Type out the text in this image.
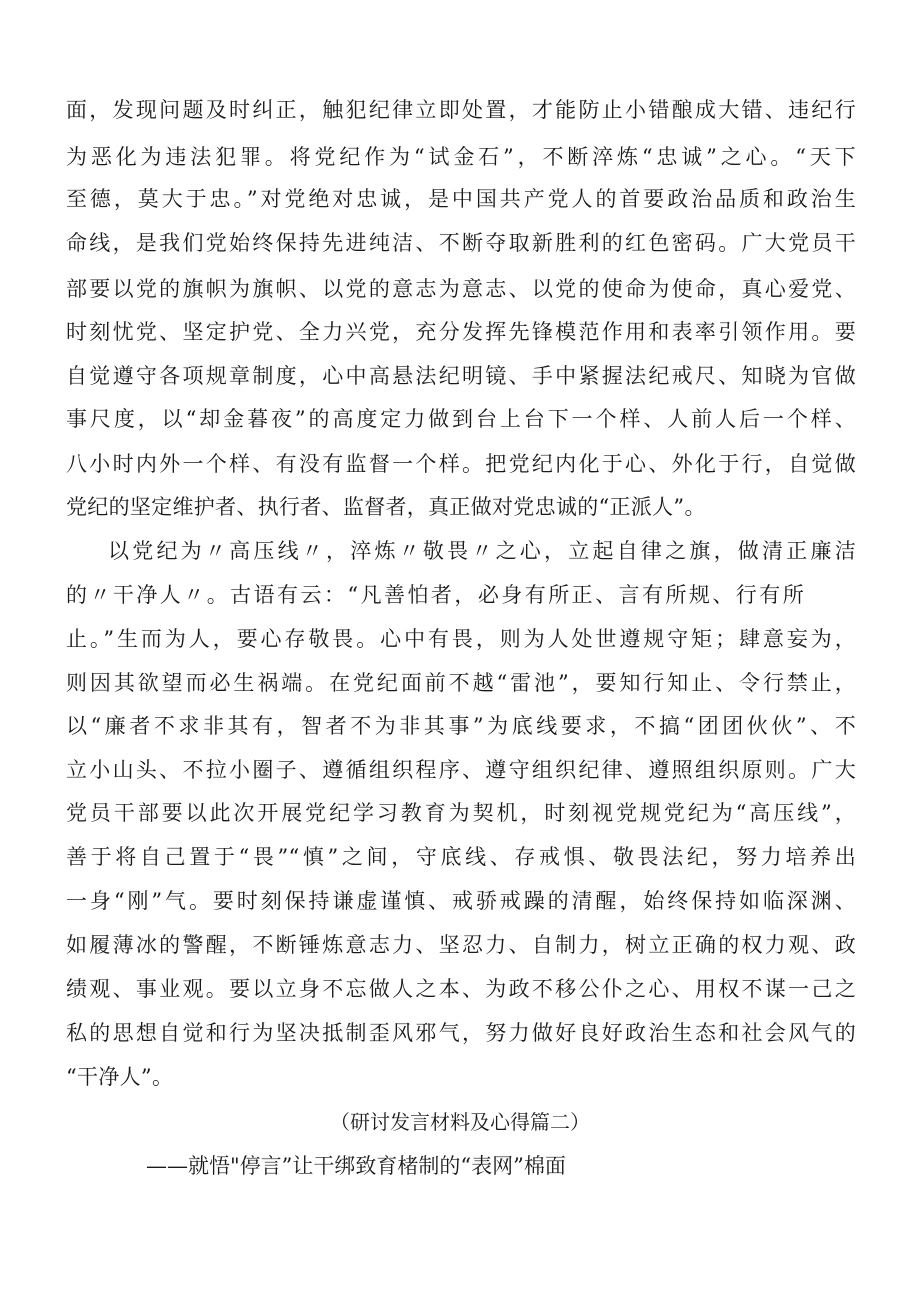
面，发现问题及时纠正，触犯纪律立即处置，才能防止小错酿成大错、违纪行
为恶化为违法犯罪。将党纪作为“试金石”，不断淬炼“忠诚”之心。“天下
至德，莫大于忠。”对党绝对忠诚，是中国共产党人的首要政治品质和政治生
命线，是我们党始终保持先进纯洁、不断夺取新胜利的红色密码。广大党员干
部要以党的旗帜为旗帜、以党的意志为意志、以党的使命为使命，真心爱党、
时刻忧党、坚定护党、全力兴党，充分发挥先锋模范作用和表率引领作用。要
自觉遵守各项规章制度，心中高悬法纪明镜、手中紧握法纪戒尺、知晓为官做
事尺度，以“却金暮夜”的高度定力做到台上台下一个样、人前人后一个样、
八小时内外一个样、有没有监督一个样。把党纪内化于心、外化于行，自觉做
党纪的坚定维护者、执行者、监督者，真正做对党忠诚的“正派人”。
以党纪为〃高压线〃，淬炼〃敬畏〃之心，立起自律之旗，做清正廉洁
的〃干净人〃。古语有云：“凡善怕者，必身有所正、言有所规、行有所
止。”生而为人，要心存敬畏。心中有畏，则为人处世遵规守矩；肆意妄为，
则因其欲望而必生祸端。在党纪面前不越“雷池”，要知行知止、令行禁止，
以“廉者不求非其有，智者不为非其事”为底线要求，不搞“团团伙伙”、不
立小山头、不拉小圈子、遵循组织程序、遵守组织纪律、遵照组织原则。广大
党员干部要以此次开展党纪学习教育为契机，时刻视党规党纪为“高压线”，
善于将自己置于“畏”“慎”之间，守底线、存戒惧、敬畏法纪，努力培养出
一身“刚”气。要时刻保持谦虚谨慎、戒骄戒躁的清醒，始终保持如临深渊、
如履薄冰的警醒，不断锤炼意志力、坚忍力、自制力，树立正确的权力观、政
绩观、事业观。要以立身不忘做人之本、为政不移公仆之心、用权不谋一己之
私的思想自觉和行为坚决抵制歪风邪气，努力做好良好政治生态和社会风气的
“干净人”。
（研讨发言材料及心得篇二）
——就悟"停言”让干绑致育楮制的“表网”棉面
